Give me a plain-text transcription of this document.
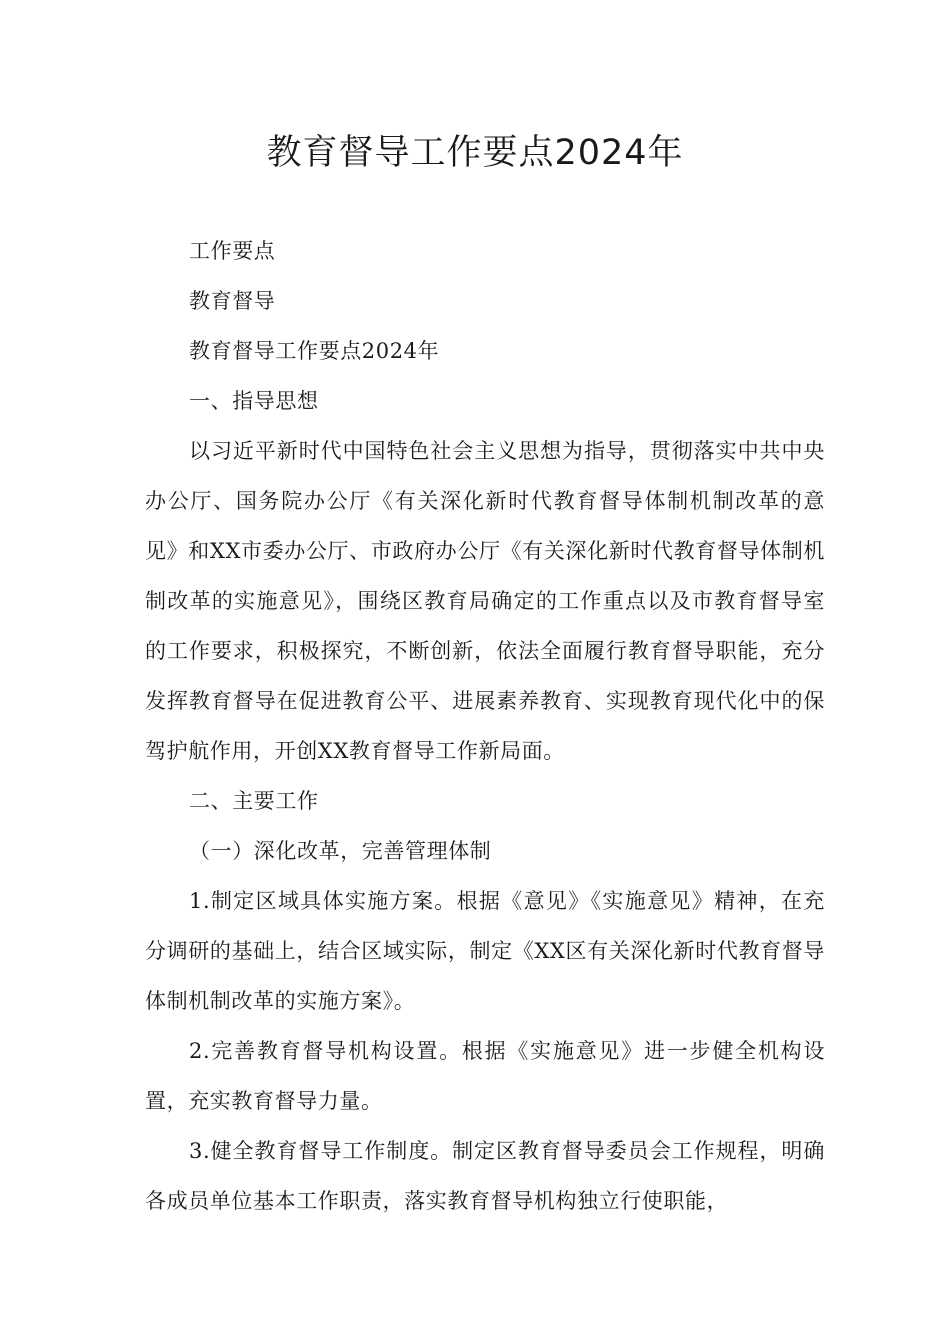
教育督导工作要点2024年

工作要点

教育督导

教育督导工作要点2024年

一、指导思想

以习近平新时代中国特色社会主义思想为指导，贯彻落实中共中央办公厅、国务院办公厅《有关深化新时代教育督导体制机制改革的意见》和XX市委办公厅、市政府办公厅《有关深化新时代教育督导体制机制改革的实施意见》，围绕区教育局确定的工作重点以及市教育督导室的工作要求，积极探究，不断创新，依法全面履行教育督导职能，充分发挥教育督导在促进教育公平、进展素养教育、实现教育现代化中的保驾护航作用，开创XX教育督导工作新局面。

二、主要工作

（一）深化改革，完善管理体制

1.制定区域具体实施方案。根据《意见》《实施意见》精神，在充分调研的基础上，结合区域实际，制定《XX区有关深化新时代教育督导体制机制改革的实施方案》。

2.完善教育督导机构设置。根据《实施意见》进一步健全机构设置，充实教育督导力量。

3.健全教育督导工作制度。制定区教育督导委员会工作规程，明确各成员单位基本工作职责，落实教育督导机构独立行使职能，
